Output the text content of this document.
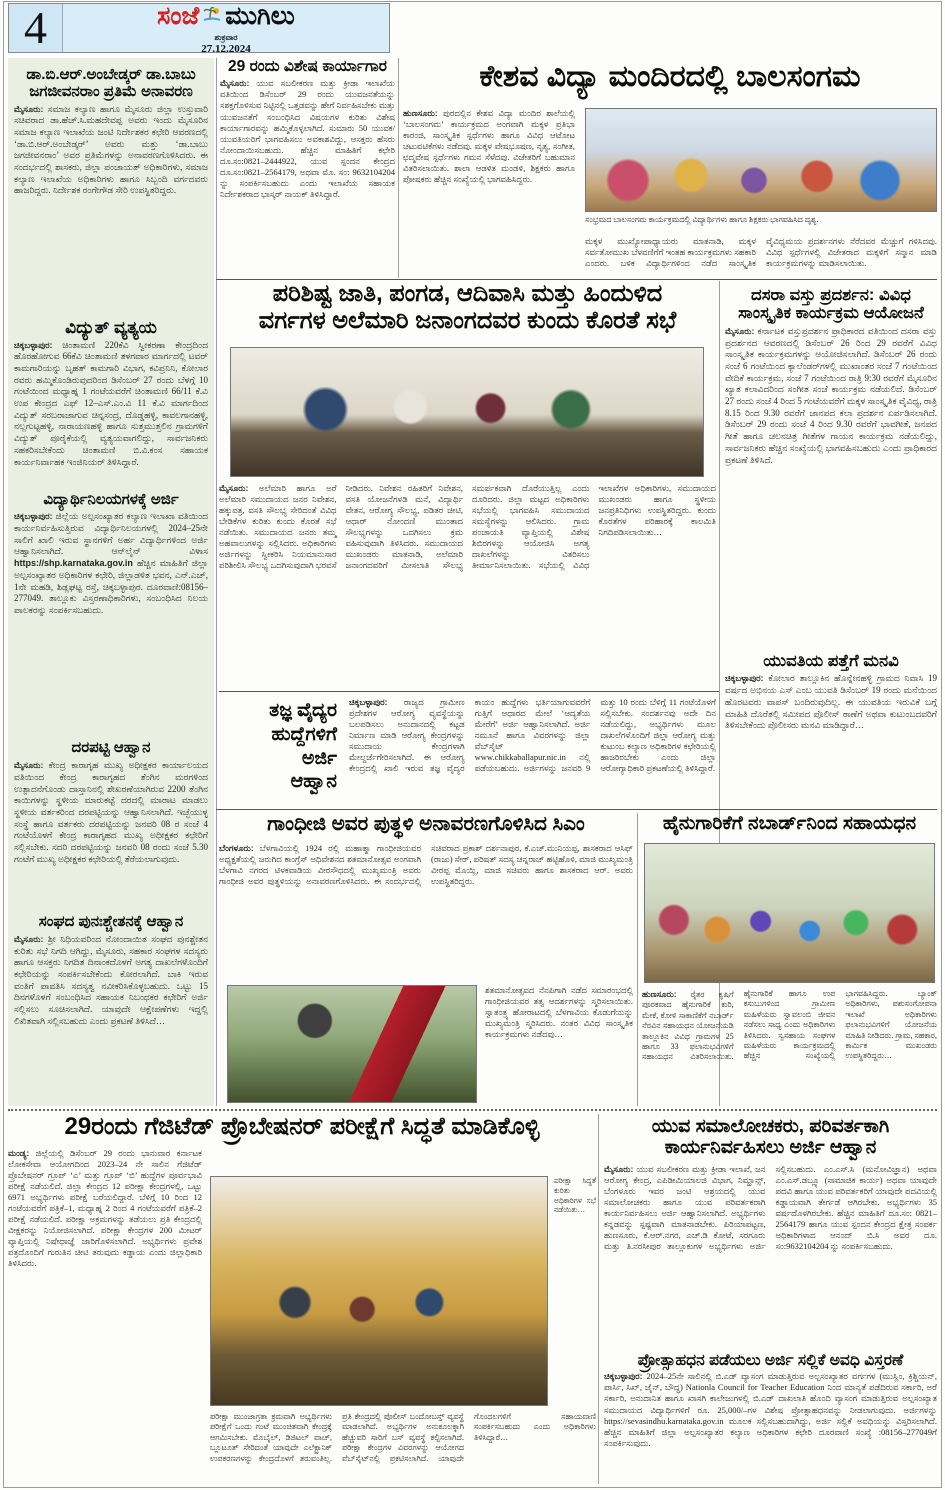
4	ಸಂಜೆ ಮುಗಿಲು
ಶುಕ್ರವಾರ
27.12.2024
ಡಾ.ಬಿ.ಆರ್.ಅಂಬೇಡ್ಕರ್ ಡಾ.ಬಾಬು ಜಗಜೀವನರಾಂ ಪ್ರತಿಮೆ ಅನಾವರಣ
ಮೈಸೂರು: ಸಮಾಜ ಕಲ್ಯಾಣ ಹಾಗೂ ಮೈಸೂರು ಜಿಲ್ಲಾ ಉಸ್ತುವಾರಿ ಸಚಿವರಾದ ಡಾ.ಹೆಚ್.ಸಿ.ಮಹದೇವಪ್ಪ ಅವರು ಇಂದು ಮೈಸೂರಿನ ಸಮಾಜ ಕಲ್ಯಾಣ ಇಲಾಖೆಯ ಜಂಟಿ ನಿರ್ದೇಶಕರ ಕಛೇರಿ ಆವರಣದಲ್ಲಿ ‘ಡಾ.ಬಿ.ಆರ್.ಅಂಬೇಡ್ಕರ್’ ಅವರು ಮತ್ತು ‘ಡಾ.ಬಾಬು ಜಗಜೀವನರಾಂ’ ಅವರ ಪ್ರತಿಮೆಗಳನ್ನು ಅನಾವರಣಗೊಳಿಸಿದರು. ಈ ಸಂದರ್ಭದಲ್ಲಿ ಶಾಸಕರು, ಜಿಲ್ಲಾ ಪಂಚಾಯತ್ ಅಧಿಕಾರಿಗಳು, ಸಮಾಜ ಕಲ್ಯಾಣ ಇಲಾಖೆಯ ಅಧಿಕಾರಿಗಳು ಹಾಗೂ ಸಿಬ್ಬಂದಿ ವರ್ಗದವರು ಹಾಜರಿದ್ದರು. ನಿರ್ದೇಶಕ ರಂಗೇಗೌಡ ಸೇರಿ ಉಪಸ್ಥಿತರಿದ್ದರು.
ವಿದ್ಯುತ್ ವ್ಯತ್ಯಯ
ಚಿಕ್ಕಬಳ್ಳಾಪುರ: ಚಿಂತಾಮಣಿ 220ಕೆವಿ ಸ್ವೀಕರಣಾ ಕೇಂದ್ರದಿಂದ ಹೊರಹೋಗುವ 66ಕೆವಿ ಚಿಂತಾಮಣಿ ತಳಗವಾರ ಮಾರ್ಗದಲ್ಲಿ ಟವರ್ ಕಾಮಗಾರಿಯನ್ನು ಬೃಹತ್ ಕಾಮಗಾರಿ ವಿಭಾಗ, ಕವಿಪ್ರನಿನಿ, ಕೋಲಾರ ರವರು ಹಮ್ಮಿಕೊಂಡಿರುವುದರಿಂದ ಡಿಸೆಂಬರ್ 27 ರಂದು ಬೆಳಗ್ಗೆ 10 ಗಂಟೆಯಿಂದ ಮಧ್ಯಾಹ್ನ 1 ಗಂಟೆಯವರೆಗೆ ಚಿಂತಾಮಣಿ 66/11 ಕೆ.ವಿ ಉಪ ಕೇಂದ್ರದ ಎಫ್ 12–ಎಸ್.ಎಂ.ವಿ 11 ಕೆ.ವಿ ಮಾರ್ಗದಿಂದ ವಿದ್ಯುತ್ ಸರಬರಾಜಾಗುವ ಚಿನ್ನಸಂದ್ರ, ದೊಡ್ಡಹಳ್ಳಿ, ಕಾವಲಗಾನಹಳ್ಳಿ, ನಲ್ಲಗುಟ್ಟಹಳ್ಳಿ, ನಾರಾಯಣಹಳ್ಳಿ ಹಾಗೂ ಸುತ್ತಮುತ್ತಲಿನ ಗ್ರಾಮಗಳಿಗೆ ವಿದ್ಯುತ್ ಪೂರೈಕೆಯಲ್ಲಿ ವ್ಯತ್ಯಯವಾಗಲಿದ್ದು, ಸಾರ್ವಜನಿಕರು ಸಹಕರಿಸಬೇಕೆಂದು ಚಿಂತಾಮಣಿ ಬಿ.ವಿ.ಕಂಸ ಸಹಾಯಕ ಕಾರ್ಯನಿರ್ವಾಹಕ ಇಂಜಿನಿಯರ್ ತಿಳಿಸಿದ್ದಾರೆ.
ವಿದ್ಯಾರ್ಥಿನಿಲಯಗಳಕ್ಕೆ ಅರ್ಜಿ
ಚಿಕ್ಕಬಳ್ಳಾಪುರ: ಜಿಲ್ಲೆಯ ಅಲ್ಪಸಂಖ್ಯಾತರ ಕಲ್ಯಾಣ ಇಲಾಖಾ ವತಿಯಿಂದ ಕಾರ್ಯನಿರ್ವಹಿಸುತ್ತಿರುವ ವಿದ್ಯಾರ್ಥಿನಿಲಯಗಳಲ್ಲಿ 2024–25ನೇ ಸಾಲಿಗೆ ಖಾಲಿ ಇರುವ ಸ್ಥಾನಗಳಿಗೆ ಅರ್ಹ ವಿದ್ಯಾರ್ಥಿಗಳಿಂದ ಅರ್ಜಿ ಆಹ್ವಾನಿಸಲಾಗಿದೆ. ಆನ್‌ಲೈನ್ ವಿಳಾಸ https://shp.karnataka.gov.in ಹೆಚ್ಚಿನ ಮಾಹಿತಿಗೆ ಜಿಲ್ಲಾ ಅಲ್ಪಸಂಖ್ಯಾತರ ಅಧಿಕಾರಿಗಳ ಕಛೇರಿ, ಜಿಲ್ಲಾಡಳಿತ ಭವನ, ಎನ್.ಎಚ್, 1ನೇ ಮಹಡಿ, ಶಿಡ್ಲಘಟ್ಟ ರಸ್ತೆ, ಚಿಕ್ಕಬಳ್ಳಾಪುರ. ದೂರವಾಣಿ:08156–277049. ತಾಲ್ಲೂಕು ವಿಸ್ತರಣಾಧಿಕಾರಿಗಳು, ಸಂಬಂಧಿಸಿದ ನಿಲಯ ಪಾಲಕರನ್ನು ಸಂಪರ್ಕಿಸಬಹುದು.
ದರಪಟ್ಟಿ ಆಹ್ವಾನ
ಮೈಸೂರು: ಕೇಂದ್ರ ಕಾರಾಗೃಹ ಮುಖ್ಯ ಅಧೀಕ್ಷಕರ ಕಾರ್ಯಾಲಯದ ವತಿಯಿಂದ ಕೇಂದ್ರ ಕಾರಾಗೃಹದ ತೆಂಗಿನ ಮರಗಳಿಂದ ಉತ್ಪಾದನೆಗೊಂಡು ದಾಸ್ತಾನಿನಲ್ಲಿ ಶೇಖರಣೆಯಾಗಿರುವ 2200 ತೆಂಗಿನ ಕಾಯಿಗಳನ್ನು ಸ್ಥಳೀಯ ಮಾರುಕಟ್ಟೆ ದರದಲ್ಲಿ ಮಾರಾಟ ಮಾಡಲು ಸ್ಥಳೀಯ ವರ್ತಕರಿಂದ ದರಪಟ್ಟಿಯನ್ನು ಆಹ್ವಾನಿಸಲಾಗಿದೆ. ಇಚ್ಛೆಯುಳ್ಳ ಸಂಸ್ಥೆ ಹಾಗೂ ವರ್ತಕರು ದರಪಟ್ಟಿಯನ್ನು ಜನವರಿ 08 ರ ಸಂಜೆ 4 ಗಂಟೆಯೊಳಗೆ ಕೇಂದ್ರ ಕಾರಾಗೃಹದ ಮುಖ್ಯ ಅಧೀಕ್ಷಕರ ಕಛೇರಿಗೆ ಸಲ್ಲಿಸಬೇಕು. ಸದರಿ ದರಪಟ್ಟಿಯನ್ನು ಜನವರಿ 08 ರಂದು ಸಂಜೆ 5.30 ಗಂಟೆಗೆ ಮುಖ್ಯ ಅಧೀಕ್ಷಕರ ಕಛೇರಿಯಲ್ಲಿ ತೆರೆಯಲಾಗುವುದು.
ಸಂಘದ ಪುನಃಶ್ಚೇತನಕ್ಕೆ ಆಹ್ವಾನ
ಮೈಸೂರು: ಶ್ರೀ ನಿಧಿಯವರಿಂದ ನೋಂದಾಯಿತ ಸಂಘದ ಪುನಶ್ಚೇತನ ಕುರಿತು ಸಭೆ ನಿಗದಿ ಆಗಿದ್ದು, ಮೈಸೂರು, ಸಹಕಾರ ಸಂಘಗಳ ಸದಸ್ಯರು ಹಾಗೂ ಆಸಕ್ತರು ನಿಗದಿತ ದಿನಾಂಕದೊಳಗೆ ಅಗತ್ಯ ದಾಖಲೆಗಳೊಂದಿಗೆ ಕಛೇರಿಯನ್ನು ಸಂಪರ್ಕಿಸಬೇಕೆಂದು ಕೋರಲಾಗಿದೆ. ಬಾಕಿ ಇರುವ ವಂತಿಗೆ ಪಾವತಿಸಿ ಸದಸ್ಯತ್ವ ನವೀಕರಿಸಿಕೊಳ್ಳಬಹುದು. ಒಟ್ಟು 15 ದಿನಗಳೊಳಗೆ ಸಂಬಂಧಿಸಿದ ಸಹಾಯಕ ನಿಬಂಧಕರ ಕಛೇರಿಗೆ ಅರ್ಜಿ ಸಲ್ಲಿಸಲು ಸೂಚಿಸಲಾಗಿದೆ. ಯಾವುದೇ ಆಕ್ಷೇಪಣೆಗಳು ಇದ್ದಲ್ಲಿ ಲಿಖಿತವಾಗಿ ಸಲ್ಲಿಸಬಹುದು ಎಂದು ಪ್ರಕಟಣೆ ತಿಳಿಸಿದೆ…
29 ರಂದು ವಿಶೇಷ ಕಾರ್ಯಾಗಾರ
ಮೈಸೂರು: ಯುವ ಸಬಲೀಕರಣ ಮತ್ತು ಕ್ರೀಡಾ ಇಲಾಖೆಯ ವತಿಯಿಂದ ಡಿಸೆಂಬರ್ 29 ರಂದು ಯುವಜನತೆಯನ್ನು ಸಶಕ್ತಗೊಳಿಸುವ ನಿಟ್ಟಿನಲ್ಲಿ ಒತ್ತಡವನ್ನು ಹೇಗೆ ನಿರ್ವಹಿಸಬೇಕು ಮತ್ತು ಯುವಜನತೆಗೆ ಸಂಬಂಧಿಸಿದ ವಿಷಯಗಳ ಕುರಿತು ವಿಶೇಷ ಕಾರ್ಯಾಗಾರವನ್ನು ಹಮ್ಮಿಕೊಳ್ಳಲಾಗಿದೆ. ಸುಮಾರು 50 ಯುವಕ/ಯುವತಿಯರಿಗೆ ಭಾಗವಹಿಸಲು ಅವಕಾಶವಿದ್ದು, ಆಸಕ್ತರು ಹೆಸರು ನೋಂದಾಯಿಸಬಹುದು. ಹೆಚ್ಚಿನ ಮಾಹಿತಿಗೆ ಕಛೇರಿ ದೂ.ಸಂ:0821–2444922, ಯುವ ಸ್ಪಂದನ ಕೇಂದ್ರದ ದೂ.ಸಂ:0821–2564179, ಅಥವಾ ಮೊ. ಸಂ: 9632104204 ನ್ನು ಸಂಪರ್ಕಿಸಬಹುದು ಎಂದು ಇಲಾಖೆಯ ಸಹಾಯಕ ನಿರ್ದೇಶಕರಾದ ಭಾಸ್ಕರ್ ನಾಯಕ್ ತಿಳಿಸಿದ್ದಾರೆ.
ಕೇಶವ ವಿದ್ಯಾ ಮಂದಿರದಲ್ಲಿ ಬಾಲಸಂಗಮ
ಹುಣಸೂರು: ಪುರದಲ್ಲಿನ ಕೇಶವ ವಿದ್ಯಾ ಮಂದಿರ ಶಾಲೆಯಲ್ಲಿ ‘ಬಾಲಸಂಗಮ’ ಕಾರ್ಯಕ್ರಮದ ಅಂಗವಾಗಿ ಮಕ್ಕಳ ಪ್ರತಿಭಾ ಕಾರಂಜಿ, ಸಾಂಸ್ಕೃತಿಕ ಸ್ಪರ್ಧೆಗಳು ಹಾಗೂ ವಿವಿಧ ಆಟೋಟ ಚಟುವಟಿಕೆಗಳು ನಡೆದವು. ಮಕ್ಕಳ ವೇಷಭೂಷಣ, ನೃತ್ಯ, ಸಂಗೀತ, ಛದ್ಮವೇಷ ಸ್ಪರ್ಧೆಗಳು ಗಮನ ಸೆಳೆದವು. ವಿಜೇತರಿಗೆ ಬಹುಮಾನ ವಿತರಿಸಲಾಯಿತು. ಶಾಲಾ ಆಡಳಿತ ಮಂಡಳಿ, ಶಿಕ್ಷಕರು ಹಾಗೂ ಪೋಷಕರು ಹೆಚ್ಚಿನ ಸಂಖ್ಯೆಯಲ್ಲಿ ಭಾಗವಹಿಸಿದ್ದರು.
ಸಂಭ್ರಮದ ಬಾಲಸಂಗಮ ಕಾರ್ಯಕ್ರಮದಲ್ಲಿ ವಿದ್ಯಾರ್ಥಿಗಳು ಹಾಗೂ ಶಿಕ್ಷಕರು ಭಾಗವಹಿಸಿದ ದೃಶ್ಯ.
ಮಕ್ಕಳ ಮುಖ್ಯೋಪಾಧ್ಯಾಯರು ಮಾತನಾಡಿ, ಮಕ್ಕಳ ಸರ್ವತೋಮುಖ ಬೆಳವಣಿಗೆಗೆ ಇಂತಹ ಕಾರ್ಯಕ್ರಮಗಳು ಸಹಕಾರಿ ಎಂದರು. ಬಳಿಕ ವಿದ್ಯಾರ್ಥಿಗಳಿಂದ ನಡೆದ ಸಾಂಸ್ಕೃತಿಕ ವೈವಿಧ್ಯಮಯ ಪ್ರದರ್ಶನಗಳು ನೆರೆದವರ ಮೆಚ್ಚುಗೆ ಗಳಿಸಿದವು. ವಿವಿಧ ಸ್ಪರ್ಧೆಗಳಲ್ಲಿ ವಿಜೇತರಾದ ಮಕ್ಕಳಿಗೆ ಸನ್ಮಾನ ಮಾಡಿ ಕಾರ್ಯಕ್ರಮಗಳನ್ನು ಮಾಡಿಸಲಾಯಿತು.
ಪರಿಶಿಷ್ಟ ಜಾತಿ, ಪಂಗಡ, ಆದಿವಾಸಿ ಮತ್ತು ಹಿಂದುಳಿದ
ವರ್ಗಗಳ ಅಲೆಮಾರಿ ಜನಾಂಗದವರ ಕುಂದು ಕೊರತೆ ಸಭೆ
ಮೈಸೂರು: ಅಲೆಮಾರಿ ಹಾಗೂ ಅರೆ ಅಲೆಮಾರಿ ಸಮುದಾಯದ ಜನರ ನಿವೇಶನ, ಹಕ್ಕುಪತ್ರ, ವಸತಿ ಸೌಲಭ್ಯ ಸೇರಿದಂತೆ ವಿವಿಧ ಬೇಡಿಕೆಗಳ ಕುರಿತು ಕುಂದು ಕೊರತೆ ಸಭೆ ನಡೆಯಿತು. ಸಮುದಾಯದ ಜನರು ತಮ್ಮ ಅಹವಾಲುಗಳನ್ನು ಸಲ್ಲಿಸಿದರು. ಅಧಿಕಾರಿಗಳು ಅರ್ಜಿಗಳನ್ನು ಸ್ವೀಕರಿಸಿ ನಿಯಮಾನುಸಾರ ಪರಿಶೀಲಿಸಿ ಸೌಲಭ್ಯ ಒದಗಿಸುವುದಾಗಿ ಭರವಸೆ ನೀಡಿದರು. ನಿವೇಶನ ರಹಿತರಿಗೆ ನಿವೇಶನ, ವಸತಿ ಯೋಜನೆಗಳಡಿ ಮನೆ, ವಿದ್ಯಾರ್ಥಿ ವೇತನ, ಆರೋಗ್ಯ ಸೌಲಭ್ಯ, ಪಡಿತರ ಚೀಟಿ, ಆಧಾರ್ ನೋಂದಣಿ ಮುಂತಾದ ಸೌಲಭ್ಯಗಳನ್ನು ಒದಗಿಸಲು ಕ್ರಮ ವಹಿಸುವುದಾಗಿ ತಿಳಿಸಿದರು. ಸಮುದಾಯದ ಮುಖಂಡರು ಮಾತನಾಡಿ, ಅಲೆಮಾರಿ ಜನಾಂಗದವರಿಗೆ ಮೀಸಲಾತಿ ಸೌಲಭ್ಯ ಸಮರ್ಪಕವಾಗಿ ದೊರೆಯುತ್ತಿಲ್ಲ ಎಂದು ದೂರಿದರು. ಜಿಲ್ಲಾ ಮಟ್ಟದ ಅಧಿಕಾರಿಗಳು ಸಭೆಯಲ್ಲಿ ಭಾಗವಹಿಸಿ ಸಮುದಾಯದ ಸಮಸ್ಯೆಗಳನ್ನು ಆಲಿಸಿದರು. ಗ್ರಾಮ ಪಂಚಾಯತಿ ವ್ಯಾಪ್ತಿಯಲ್ಲಿ ವಿಶೇಷ ಶಿಬಿರಗಳನ್ನು ಆಯೋಜಿಸಿ ಅಗತ್ಯ ದಾಖಲೆಗಳನ್ನು ವಿತರಿಸಲು ತೀರ್ಮಾನಿಸಲಾಯಿತು. ಸಭೆಯಲ್ಲಿ ವಿವಿಧ ಇಲಾಖೆಗಳ ಅಧಿಕಾರಿಗಳು, ಸಮುದಾಯದ ಮುಖಂಡರು ಹಾಗೂ ಸ್ಥಳೀಯ ಜನಪ್ರತಿನಿಧಿಗಳು ಉಪಸ್ಥಿತರಿದ್ದರು. ಕುಂದು ಕೊರತೆಗಳ ಪರಿಹಾರಕ್ಕೆ ಕಾಲಮಿತಿ ನಿಗದಿಪಡಿಸಲಾಯಿತು…
ದಸರಾ ವಸ್ತು ಪ್ರದರ್ಶನ: ವಿವಿಧ ಸಾಂಸ್ಕೃತಿಕ ಕಾರ್ಯಕ್ರಮ ಆಯೋಜನೆ
ಮೈಸೂರು: ಕರ್ನಾಟಕ ವಸ್ತುಪ್ರದರ್ಶನ ಪ್ರಾಧಿಕಾರದ ವತಿಯಿಂದ ದಸರಾ ವಸ್ತು ಪ್ರದರ್ಶನದ ಆವರಣದಲ್ಲಿ ಡಿಸೆಂಬರ್ 26 ರಿಂದ 29 ರವರೆಗೆ ವಿವಿಧ ಸಾಂಸ್ಕೃತಿಕ ಕಾರ್ಯಕ್ರಮಗಳನ್ನು ಆಯೋಜಿಸಲಾಗಿದೆ. ಡಿಸೆಂಬರ್ 26 ರಂದು ಸಂಜೆ 6 ಗಂಟೆಯಿಂದ ಕ್ಯಾಲೆಂಡರ್‌ಗಳಲ್ಲಿ ಮುಖಾಂತರ ಸಂಜೆ 7 ಗಂಟೆಯಿಂದ ವೇದಿಕೆ ಕಾರ್ಯಕ್ರಮ, ಸಂಜೆ 7 ಗಂಟೆಯಿಂದ ರಾತ್ರಿ 9:30 ರವರೆಗೆ ಮೈಸೂರಿನ ಖ್ಯಾತ ಕಲಾವಿದರಿಂದ ಸಂಗೀತ ಸಂಜೆ ಕಾರ್ಯಕ್ರಮ ನಡೆಯಲಿದೆ. ಡಿಸೆಂಬರ್ 27 ರಂದು ಸಂಜೆ 4 ರಿಂದ 5 ಗಂಟೆಯವರೆಗೆ ಮಕ್ಕಳ ಸಾಂಸ್ಕೃತಿಕ ವೈವಿಧ್ಯ, ರಾತ್ರಿ 8.15 ರಿಂದ 9.30 ರವರೆಗೆ ಜಾನಪದ ಕಲಾ ಪ್ರದರ್ಶನ ಏರ್ಪಡಿಸಲಾಗಿದೆ. ಡಿಸೆಂಬರ್ 29 ರಂದು ಸಂಜೆ 4 ರಿಂದ 9.30 ರವರೆಗೆ ಭಾವಗೀತೆ, ಜನಪದ ಗೀತೆ ಹಾಗೂ ಚಲನಚಿತ್ರ ಗೀತೆಗಳ ಗಾಯನ ಕಾರ್ಯಕ್ರಮ ನಡೆಯಲಿದ್ದು, ಸಾರ್ವಜನಿಕರು ಹೆಚ್ಚಿನ ಸಂಖ್ಯೆಯಲ್ಲಿ ಭಾಗವಹಿಸಬಹುದು ಎಂದು ಪ್ರಾಧಿಕಾರದ ಪ್ರಕಟಣೆ ತಿಳಿಸಿದೆ.
ಯುವತಿಯ ಪತ್ತೆಗೆ ಮನವಿ
ಚಿಕ್ಕಬಳ್ಳಾಪುರ: ಕೋಲಾರ ತಾಲ್ಲೂಕಿನ ಹೊನ್ನೇನಹಳ್ಳಿ ಗ್ರಾಮದ ನಿವಾಸಿ 19 ವರ್ಷದ ಅಭಿನಯ ಎಸ್ ಎಂಬ ಯುವತಿ ಡಿಸೆಂಬರ್ 19 ರಂದು ಮನೆಯಿಂದ ಹೊರಟವರು ವಾಪಸ್ ಬಂದಿರುವುದಿಲ್ಲ. ಈ ಯುವತಿಯ ಇರುವಿಕೆ ಬಗ್ಗೆ ಮಾಹಿತಿ ದೊರೆತಲ್ಲಿ ಸಮೀಪದ ಪೊಲೀಸ್ ಠಾಣೆಗೆ ಅಥವಾ ಕುಟುಂಬದವರಿಗೆ ತಿಳಿಸಬೇಕೆಂದು ಪೊಲೀಸರು ಮನವಿ ಮಾಡಿದ್ದಾರೆ…
ತಜ್ಞ ವೈದ್ಯರ
ಹುದ್ದೆಗಳಿಗೆ
ಅರ್ಜಿ
ಆಹ್ವಾನ
ಚಿಕ್ಕಬಳ್ಳಾಪುರ: ರಾಜ್ಯದ ಗ್ರಾಮೀಣ ಪ್ರದೇಶಗಳ ಆರೋಗ್ಯ ವ್ಯವಸ್ಥೆಯನ್ನು ಬಲಪಡಿಸಲು ಅನುದಾನದಲ್ಲಿ ಕಟ್ಟಡ ನಿರ್ಮಾಣ ಮಾಡಿ ಆರೋಗ್ಯ ಕೇಂದ್ರಗಳನ್ನು ಸಮುದಾಯ ಕೇಂದ್ರಗಳಾಗಿ ಮೇಲ್ದರ್ಜೆಗೇರಿಸಲಾಗಿದೆ. ಈ ಆರೋಗ್ಯ ಕೇಂದ್ರದಲ್ಲಿ ಖಾಲಿ ಇರುವ ತಜ್ಞ ವೈದ್ಯರ ಕಾಯಂ ಹುದ್ದೆಗಳು ಭರ್ತಿಯಾಗುವವರೆಗೆ ಗುತ್ತಿಗೆ ಆಧಾರದ ಮೇಲೆ ‘ಆದ್ಯತೆಯ ಮೇರೆಗೆ’ ಅರ್ಜಿ ಆಹ್ವಾನಿಸಲಾಗಿದೆ. ಅರ್ಜಿ ನಮೂನೆ ಹಾಗೂ ವಿವರಗಳನ್ನು ಜಿಲ್ಲಾ ವೆಬ್‌ಸೈಟ್ www.chikkaballapur.nic.in ನಲ್ಲಿ ಪಡೆಯಬಹುದು. ಅರ್ಜಿಗಳನ್ನು ಜನವರಿ 9 ಮತ್ತು 10 ರಂದು ಬೆಳಿಗ್ಗೆ 11 ಗಂಟೆಯೊಳಗೆ ಸಲ್ಲಿಸಬೇಕು. ಸಂದರ್ಶನವು ಅದೇ ದಿನ ನಡೆಯಲಿದ್ದು, ಅಭ್ಯರ್ಥಿಗಳು ಮೂಲ ದಾಖಲೆಗಳೊಂದಿಗೆ ಜಿಲ್ಲಾ ಆರೋಗ್ಯ ಮತ್ತು ಕುಟುಂಬ ಕಲ್ಯಾಣ ಅಧಿಕಾರಿಗಳ ಕಛೇರಿಯಲ್ಲಿ ಹಾಜರಿರಬೇಕು ಎಂದು ಜಿಲ್ಲಾ ಆರೋಗ್ಯಾಧಿಕಾರಿ ಪ್ರಕಟಣೆಯಲ್ಲಿ ತಿಳಿಸಿದ್ದಾರೆ.
ಗಾಂಧೀಜಿ ಅವರ ಪುತ್ಥಳಿ ಅನಾವರಣಗೊಳಿಸಿದ ಸಿಎಂ
ಬೆಂಗಳೂರು: ಬೆಳಗಾವಿಯಲ್ಲಿ 1924 ರಲ್ಲಿ ಮಹಾತ್ಮಾ ಗಾಂಧೀಜಿಯವರ ಅಧ್ಯಕ್ಷತೆಯಲ್ಲಿ ಜರುಗಿದ ಕಾಂಗ್ರೆಸ್ ಅಧಿವೇಶನದ ಶತಮಾನೋತ್ಸವ ಅಂಗವಾಗಿ ಬೆಳಗಾವಿ ನಗರದ ಟಿಳಕವಾಡಿಯ ವೀರಸೌಧದಲ್ಲಿ ಮುಖ್ಯಮಂತ್ರಿ ಅವರು ಗಾಂಧೀಜಿ ಅವರ ಪುತ್ಥಳಿಯನ್ನು ಅನಾವರಣಗೊಳಿಸಿದರು. ಈ ಸಂದರ್ಭದಲ್ಲಿ ಸಚಿವರಾದ ಪ್ರಕಾಶ್ ದರ್ಶನಾಪುರ, ಕೆ.ಎಚ್.ಮುನಿಯಪ್ಪ, ಶಾಸಕರಾದ ಆಸಿಫ್ (ರಾಜು) ಸೇಠ್, ಪರಿಷತ್ ಸದಸ್ಯ ಚನ್ನರಾಜ್ ಹಟ್ಟಿಹೊಳಿ, ಮಾಜಿ ಮುಖ್ಯಮಂತ್ರಿ ವೀರಪ್ಪ ಮೊಯ್ಲಿ, ಮಾಜಿ ಸಚಿವರು ಹಾಗೂ ಶಾಸಕರಾದ ಆರ್. ಅವರು ಉಪಸ್ಥಿತರಿದ್ದರು.
ಶತಮಾನೋತ್ಸವದ ನೆನಪಿಗಾಗಿ ನಡೆದ ಸಮಾರಂಭದಲ್ಲಿ ಗಾಂಧೀಜಿಯವರ ತತ್ವ ಆದರ್ಶಗಳನ್ನು ಸ್ಮರಿಸಲಾಯಿತು. ಸ್ವಾತಂತ್ರ್ಯ ಹೋರಾಟದಲ್ಲಿ ಬೆಳಗಾವಿಯ ಕೊಡುಗೆಯನ್ನು ಮುಖ್ಯಮಂತ್ರಿ ಸ್ಮರಿಸಿದರು. ನಂತರ ವಿವಿಧ ಸಾಂಸ್ಕೃತಿಕ ಕಾರ್ಯಕ್ರಮಗಳು ನಡೆದವು…
ಹೈನುಗಾರಿಕೆಗೆ ನಬಾರ್ಡ್‌ನಿಂದ ಸಹಾಯಧನ
ಹುಣಸೂರು: ರೈತರ ಕೃಷಿಗೆ ಪೂರಕವಾದ ಹೈನುಗಾರಿಕೆ ಕುರಿ, ಮೇಕೆ, ಕೋಳಿ ಸಾಕಾಣಿಕೆಗೆ ನಬಾರ್ಡ್ ನೆರವಿನ ಸಹಾಯಧನ ಯೋಜನೆಯಡಿ ತಾಲ್ಲೂಕಿನ ವಿವಿಧ ಗ್ರಾಮಗಳ 25 ಹಾಗೂ 33 ಫಲಾನುಭವಿಗಳಿಗೆ ಸಹಾಯಧನ ವಿತರಿಸಲಾಯಿತು. ಹೈನುಗಾರಿಕೆ ಹಾಗೂ ಉಪ ಕಸುಬುಗಳಿಂದ ಗ್ರಾಮೀಣ ಮಹಿಳೆಯರು ಸ್ವಾವಲಂಬಿ ಜೀವನ ನಡೆಸಲು ಸಾಧ್ಯ ಎಂದು ಅಧಿಕಾರಿಗಳು ತಿಳಿಸಿದರು. ಸ್ವಸಹಾಯ ಸಂಘಗಳ ಮಹಿಳೆಯರು ಕಾರ್ಯಕ್ರಮದಲ್ಲಿ ಹೆಚ್ಚಿನ ಸಂಖ್ಯೆಯಲ್ಲಿ ಭಾಗವಹಿಸಿದ್ದರು. ಬ್ಯಾಂಕ್ ಅಧಿಕಾರಿಗಳು, ಪಶುಸಂಗೋಪನಾ ಇಲಾಖೆ ಅಧಿಕಾರಿಗಳು ಫಲಾನುಭವಿಗಳಿಗೆ ಯೋಜನೆಯ ಮಾಹಿತಿ ನೀಡಿದರು. ಗ್ರಾಮ, ಸಹಕಾರ, ಕಾರ್ಮಿಕ ಮುಖಂಡರು ಉಪಸ್ಥಿತರಿದ್ದರು…
29ರಂದು ಗೆಜಿಟೆಡ್ ಪ್ರೊಬೇಷನರ್ ಪರೀಕ್ಷೆಗೆ ಸಿದ್ಧತೆ ಮಾಡಿಕೊಳ್ಳಿ
ಮಂಡ್ಯ: ಜಿಲ್ಲೆಯಲ್ಲಿ ಡಿಸೆಂಬರ್ 29 ರಂದು ಭಾನುವಾರ ಕರ್ನಾಟಕ ಲೋಕಸೇವಾ ಆಯೋಗದಿಂದ 2023–24 ನೇ ಸಾಲಿನ ಗೆಜಿಟೆಡ್ ಪ್ರೊಬೇಷನರ್ ಗ್ರೂಪ್ ‘ಎ’ ಮತ್ತು ಗ್ರೂಪ್ ‘ಬಿ’ ಹುದ್ದೆಗಳ ಪೂರ್ವಭಾವಿ ಪರೀಕ್ಷೆ ನಡೆಯಲಿದೆ. ಜಿಲ್ಲಾ ಕೇಂದ್ರದ 12 ಪರೀಕ್ಷಾ ಕೇಂದ್ರಗಳಲ್ಲಿ, ಒಟ್ಟು 6971 ಅಭ್ಯರ್ಥಿಗಳು ಪರೀಕ್ಷೆ ಬರೆಯಲಿದ್ದಾರೆ. ಬೆಳಿಗ್ಗೆ 10 ರಿಂದ 12 ಗಂಟೆಯವರೆಗೆ ಪತ್ರಿಕೆ–1, ಮಧ್ಯಾಹ್ನ 2 ರಿಂದ 4 ಗಂಟೆಯವರೆಗೆ ಪತ್ರಿಕೆ–2 ಪರೀಕ್ಷೆ ನಡೆಯಲಿದೆ. ಪರೀಕ್ಷಾ ಅಕ್ರಮಗಳನ್ನು ತಡೆಯಲು ಪ್ರತಿ ಕೇಂದ್ರದಲ್ಲಿ ವೀಕ್ಷಕರನ್ನು ನಿಯೋಜಿಸಲಾಗಿದೆ. ಪರೀಕ್ಷಾ ಕೇಂದ್ರಗಳ 200 ಮೀಟರ್ ವ್ಯಾಪ್ತಿಯಲ್ಲಿ ನಿಷೇಧಾಜ್ಞೆ ಜಾರಿಗೊಳಿಸಲಾಗಿದೆ. ಅಭ್ಯರ್ಥಿಗಳು ಪ್ರವೇಶ ಪತ್ರದೊಂದಿಗೆ ಗುರುತಿನ ಚೀಟಿ ತರುವುದು ಕಡ್ಡಾಯ ಎಂದು ಜಿಲ್ಲಾಧಿಕಾರಿ ತಿಳಿಸಿದರು.
ಪರೀಕ್ಷಾ ಸಿದ್ಧತೆ ಕುರಿತು ಅಧಿಕಾರಿಗಳ ಸಭೆ ನಡೆಯಿತು…
ಪರೀಕ್ಷಾ ಮುಂಜಾಗ್ರತಾ ಕ್ರಮವಾಗಿ ಅಭ್ಯರ್ಥಿಗಳು ಪರೀಕ್ಷೆಗೆ ಒಂದು ಗಂಟೆ ಮುಂಚಿತವಾಗಿ ಕೇಂದ್ರಕ್ಕೆ ಆಗಮಿಸಬೇಕು. ಮೊಬೈಲ್, ಡಿಜಿಟಲ್ ವಾಚ್, ಬ್ಲೂಟೂತ್ ಸೇರಿದಂತೆ ಯಾವುದೇ ಎಲೆಕ್ಟ್ರಾನಿಕ್ ಉಪಕರಣಗಳನ್ನು ಕೇಂದ್ರದೊಳಗೆ ತರುವಂತಿಲ್ಲ. ಪ್ರತಿ ಕೇಂದ್ರದಲ್ಲಿ ಪೊಲೀಸ್ ಬಂದೋಬಸ್ತ್ ವ್ಯವಸ್ಥೆ ಮಾಡಲಾಗಿದೆ. ಅಭ್ಯರ್ಥಿಗಳ ಅನುಕೂಲಕ್ಕಾಗಿ ಹೆಚ್ಚುವರಿ ಸಾರಿಗೆ ಬಸ್ ವ್ಯವಸ್ಥೆ ಕಲ್ಪಿಸಲಾಗಿದೆ. ಪರೀಕ್ಷಾ ಕೇಂದ್ರಗಳ ವಿವರಗಳನ್ನು ಆಯೋಗದ ವೆಬ್‌ಸೈಟ್‌ನಲ್ಲಿ ಪ್ರಕಟಿಸಲಾಗಿದೆ. ಯಾವುದೇ ಗೊಂದಲಗಳಿಗೆ ಸಹಾಯವಾಣಿ ಸಂಪರ್ಕಿಸಬಹುದು ಎಂದು ಅಧಿಕಾರಿಗಳು ತಿಳಿಸಿದ್ದಾರೆ…
ಯುವ ಸಮಾಲೋಚಕರು, ಪರಿವರ್ತಕಾಗಿ
ಕಾರ್ಯನಿರ್ವಹಿಸಲು ಅರ್ಜಿ ಆಹ್ವಾನ
ಮೈಸೂರು: ಯುವ ಸಬಲೀಕರಣ ಮತ್ತು ಕ್ರೀಡಾ ಇಲಾಖೆ, ಜನ ಆರೋಗ್ಯ ಕೇಂದ್ರ, ಎಪಿಡೀಮಿಯಾಲಜಿ ವಿಭಾಗ, ನಿಮ್ಹಾನ್ಸ್, ಬೆಂಗಳೂರು ಇವರ ಜಂಟಿ ಆಶ್ರಯದಲ್ಲಿ ಯುವ ಸಮಾಲೋಚಕರು ಹಾಗೂ ಯುವ ಪರಿವರ್ತಕರಾಗಿ ಕಾರ್ಯನಿರ್ವಹಿಸಲು ಅರ್ಜಿ ಆಹ್ವಾನಿಸಲಾಗಿದೆ. ಅಭ್ಯರ್ಥಿಗಳು ಕನ್ನಡವನ್ನು ಸ್ಪಷ್ಟವಾಗಿ ಮಾತನಾಡಬೇಕು. ಪಿರಿಯಾಪಟ್ಟಣ, ಹುಣಸೂರು, ಕೆ.ಆರ್.ನಗರ, ಎಚ್.ಡಿ ಕೋಟೆ, ಸರಗೂರು ಮತ್ತು ತಿ.ನರಸೀಪುರ ತಾಲ್ಲೂಕುಗಳ ಅಭ್ಯರ್ಥಿಗಳು ಅರ್ಜಿ ಸಲ್ಲಿಸಬಹುದು. ಎಂ.ಎಸ್.ಸಿ (ಮನೋವಿಜ್ಞಾನ) ಅಥವಾ ಎಂ.ಎಸ್.ಡಬ್ಲ್ಯೂ (ಸಾಮಾಜಿಕ ಕಾರ್ಯ) ಅಥವಾ ಯಾವುದೇ ಪದವಿ ಹಾಗೂ ಯುವ ಪರಿವರ್ತಕರಿಗೆ ಯಾವುದೇ ಪದವಿಯಲ್ಲಿ ಕಡ್ಡಾಯವಾಗಿ ತೇರ್ಗಡೆ ಆಗಿರಬೇಕು. ಅಭ್ಯರ್ಥಿಗಳು 35 ವರ್ಷದೊಳಗಿರಬೇಕು. ಹೆಚ್ಚಿನ ಮಾಹಿತಿಗೆ ದೂ.ಸಂ: 0821–2564179 ಹಾಗೂ ಯುವ ಸ್ಪಂದನ ಕೇಂದ್ರದ ಕ್ಷೇತ್ರ ಸಂಪರ್ಕ ಅಧಿಕಾರಿಗಳಾದ ಆನಂದ್ ಬಿ.ಸಿ ಅವರ ದೂ. ಸಂ:9632104204 ನ್ನು ಸಂಪರ್ಕಿಸಬಹುದು.
ಪ್ರೋತ್ಸಾಹಧನ ಪಡೆಯಲು ಅರ್ಜಿ ಸಲ್ಲಿಕೆ ಅವಧಿ ವಿಸ್ತರಣೆ
ಚಿಕ್ಕಬಳ್ಳಾಪುರ: 2024–25ನೇ ಸಾಲಿನಲ್ಲಿ ಬಿ.ಎಡ್ ವ್ಯಾಸಂಗ ಮಾಡುತ್ತಿರುವ ಅಲ್ಪಸಂಖ್ಯಾತರ ವರ್ಗಗಳ (ಮುಸ್ಲಿಂ, ಕ್ರಿಶ್ಚಿಯನ್, ಪಾರ್ಸಿ, ಸಿಖ್, ಜೈನ್, ಬೌದ್ಧ) Nationla Council for Teacher Education ನಿಂದ ಮಾನ್ಯತೆ ಪಡೆದಿರುವ ಸರ್ಕಾರಿ, ಅರೆ ಸರ್ಕಾರಿ, ಅನುದಾನಿತ ಹಾಗೂ ಖಾಸಗಿ ಕಾಲೇಜುಗಳಲ್ಲಿ ಬಿ.ಎಡ್ ದಾಖಲಾತಿ ಹೊಂದಿ ವ್ಯಾಸಂಗ ಮಾಡುತ್ತಿರುವ ಅಲ್ಪಸಂಖ್ಯಾತ ಸಮುದಾಯದ ವಿದ್ಯಾರ್ಥಿಗಳಿಗೆ ರೂ. 25,000/–ಗಳ ವಿಶೇಷ ಪ್ರೋತ್ಸಾಹಧನವನ್ನು ನೀಡಲಾಗುವುದು. ಅರ್ಜಿಗಳನ್ನು https://sevasindhu.karnataka.gov.in ಮೂಲಕ ಸಲ್ಲಿಸಬಹುದಾಗಿದ್ದು, ಅರ್ಜಿ ಸಲ್ಲಿಕೆ ಅವಧಿಯನ್ನು ವಿಸ್ತರಿಸಲಾಗಿದೆ. ಹೆಚ್ಚಿನ ಮಾಹಿತಿಗೆ ಜಿಲ್ಲಾ ಅಲ್ಪಸಂಖ್ಯಾತರ ಕಲ್ಯಾಣ ಅಧಿಕಾರಿಗಳ ಕಛೇರಿ ದೂರವಾಣಿ ಸಂಖ್ಯೆ :08156–277049ಗೆ ಸಂಪರ್ಕಿಸುವುದು.
